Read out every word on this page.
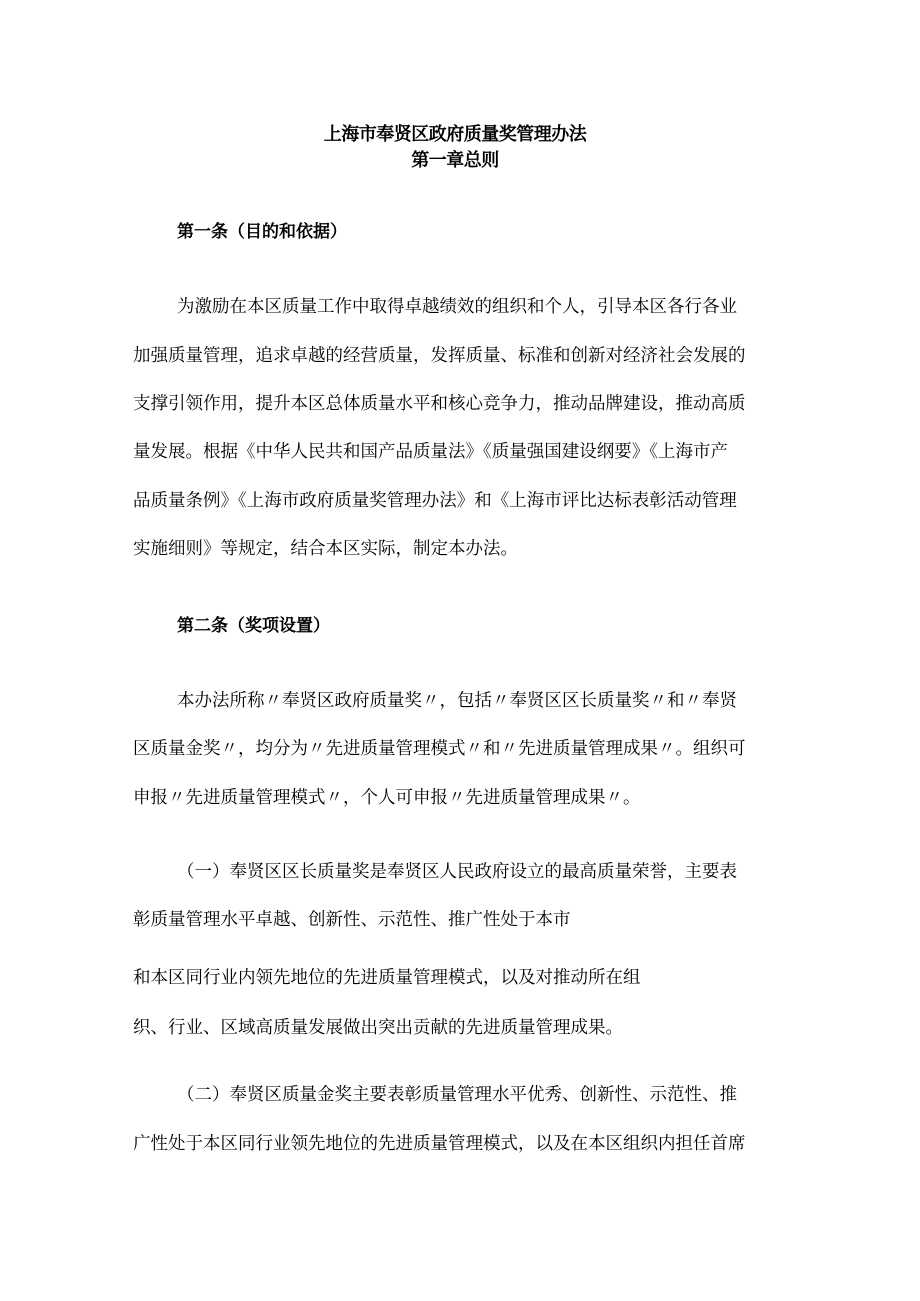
上海市奉贤区政府质量奖管理办法
第一章总则
第一条（目的和依据）
为激励在本区质量工作中取得卓越绩效的组织和个人，引导本区各行各业
加强质量管理，追求卓越的经营质量，发挥质量、标准和创新对经济社会发展的
支撑引领作用，提升本区总体质量水平和核心竞争力，推动品牌建设，推动高质
量发展。根据《中华人民共和国产品质量法》《质量强国建设纲要》《上海市产
品质量条例》《上海市政府质量奖管理办法》和《上海市评比达标表彰活动管理
实施细则》等规定，结合本区实际，制定本办法。
第二条（奖项设置）
本办法所称〃奉贤区政府质量奖〃，包括〃奉贤区区长质量奖〃和〃奉贤
区质量金奖〃，均分为〃先进质量管理模式〃和〃先进质量管理成果〃。组织可
申报〃先进质量管理模式〃，个人可申报〃先进质量管理成果〃。
（一）奉贤区区长质量奖是奉贤区人民政府设立的最高质量荣誉，主要表
彰质量管理水平卓越、创新性、示范性、推广性处于本市
和本区同行业内领先地位的先进质量管理模式，以及对推动所在组
织、行业、区域高质量发展做出突出贡献的先进质量管理成果。
（二）奉贤区质量金奖主要表彰质量管理水平优秀、创新性、示范性、推
广性处于本区同行业领先地位的先进质量管理模式，以及在本区组织内担任首席
